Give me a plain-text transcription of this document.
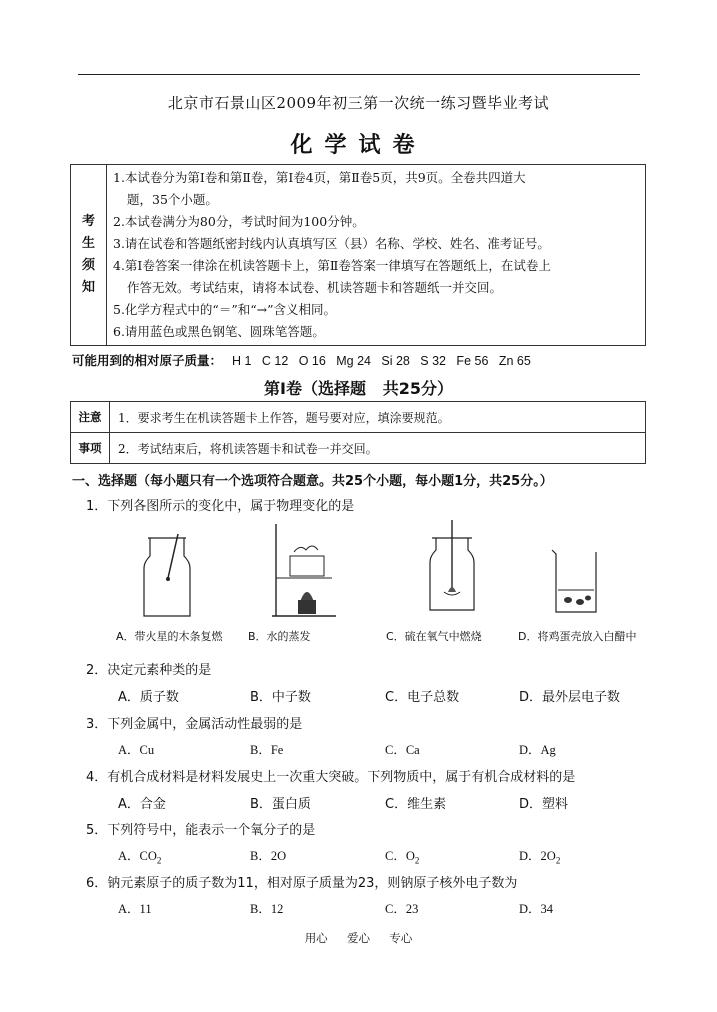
北京市石景山区2009年初三第一次统一练习暨毕业考试
化学试卷
考
生
须
知

1.本试卷分为第Ⅰ卷和第Ⅱ卷，第Ⅰ卷4页，第Ⅱ卷5页，共9页。全卷共四道大
题，35个小题。
2.本试卷满分为80分，考试时间为100分钟。
3.请在试卷和答题纸密封线内认真填写区（县）名称、学校、姓名、准考证号。
4.第Ⅰ卷答案一律涂在机读答题卡上，第Ⅱ卷答案一律填写在答题纸上，在试卷上
作答无效。考试结束，请将本试卷、机读答题卡和答题纸一并交回。
5.化学方程式中的“＝”和“→”含义相同。
6.请用蓝色或黑色钢笔、圆珠笔答题。
可能用到的相对原子质量： H 1   C 12   O 16   Mg 24   Si 28   S 32   Fe 56   Zn 65
第Ⅰ卷（选择题   共25分）
注意	1．要求考生在机读答题卡上作答，题号要对应，填涂要规范。
事项	2．考试结束后，将机读答题卡和试卷一并交回。
一、选择题（每小题只有一个选项符合题意。共25个小题，每小题1分，共25分。）
1．下列各图所示的变化中，属于物理变化的是
A．带火星的木条复燃 B．水的蒸发	C．硫在氧气中燃烧	D．将鸡蛋壳放入白醋中
2．决定元素种类的是
A．质子数	B．中子数	C．电子总数	D．最外层电子数
3．下列金属中，金属活动性最弱的是
A．Cu	B．Fe	C．Ca	D．Ag
4．有机合成材料是材料发展史上一次重大突破。下列物质中，属于有机合成材料的是
A．合金	B．蛋白质	C．维生素	D．塑料
5．下列符号中，能表示一个氧分子的是
A．$CO_2$	B．2O	C．$O_2$	D．$2O_2$
6．钠元素原子的质子数为11，相对原子质量为23，则钠原子核外电子数为
A．11	B．12	C．23	D．34
用心  爱心  专心
